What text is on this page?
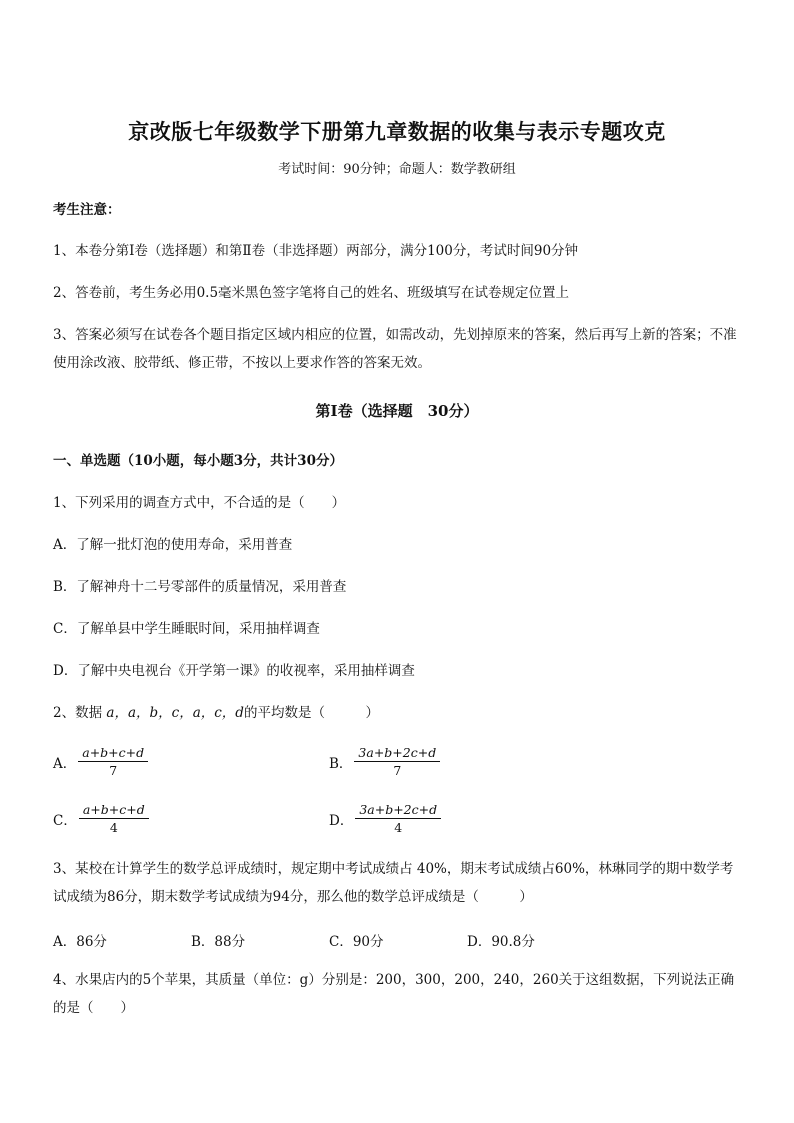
京改版七年级数学下册第九章数据的收集与表示专题攻克
考试时间：90分钟；命题人：数学教研组
考生注意：
1、本卷分第Ⅰ卷（选择题）和第Ⅱ卷（非选择题）两部分，满分100分，考试时间90分钟
2、答卷前，考生务必用0.5毫米黑色签字笔将自己的姓名、班级填写在试卷规定位置上
3、答案必须写在试卷各个题目指定区域内相应的位置，如需改动，先划掉原来的答案，然后再写上新的答案；不准使用涂改液、胶带纸、修正带，不按以上要求作答的答案无效。
第Ⅰ卷（选择题　30分）
一、单选题（10小题，每小题3分，共计30分）
1、下列采用的调查方式中，不合适的是（　　）
A．了解一批灯泡的使用寿命，采用普查
B．了解神舟十二号零部件的质量情况，采用普查
C．了解单县中学生睡眠时间，采用抽样调查
D．了解中央电视台《开学第一课》的收视率，采用抽样调查
2、数据 a，a，b，c，a，c，d的平均数是（　　　）
A． $\frac{a+b+c+d}{7}$	B． $\frac{3a+b+2c+d}{7}$
C． $\frac{a+b+c+d}{4}$	D． $\frac{3a+b+2c+d}{4}$
3、某校在计算学生的数学总评成绩时，规定期中考试成绩占 40%，期末考试成绩占60%，林琳同学的期中数学考试成绩为86分，期末数学考试成绩为94分，那么他的数学总评成绩是（　　　）
A．86分	B．88分	C．90分	D．90.8分
4、水果店内的5个苹果，其质量（单位：g）分别是：200，300，200，240，260关于这组数据，下列说法正确的是（　　）
